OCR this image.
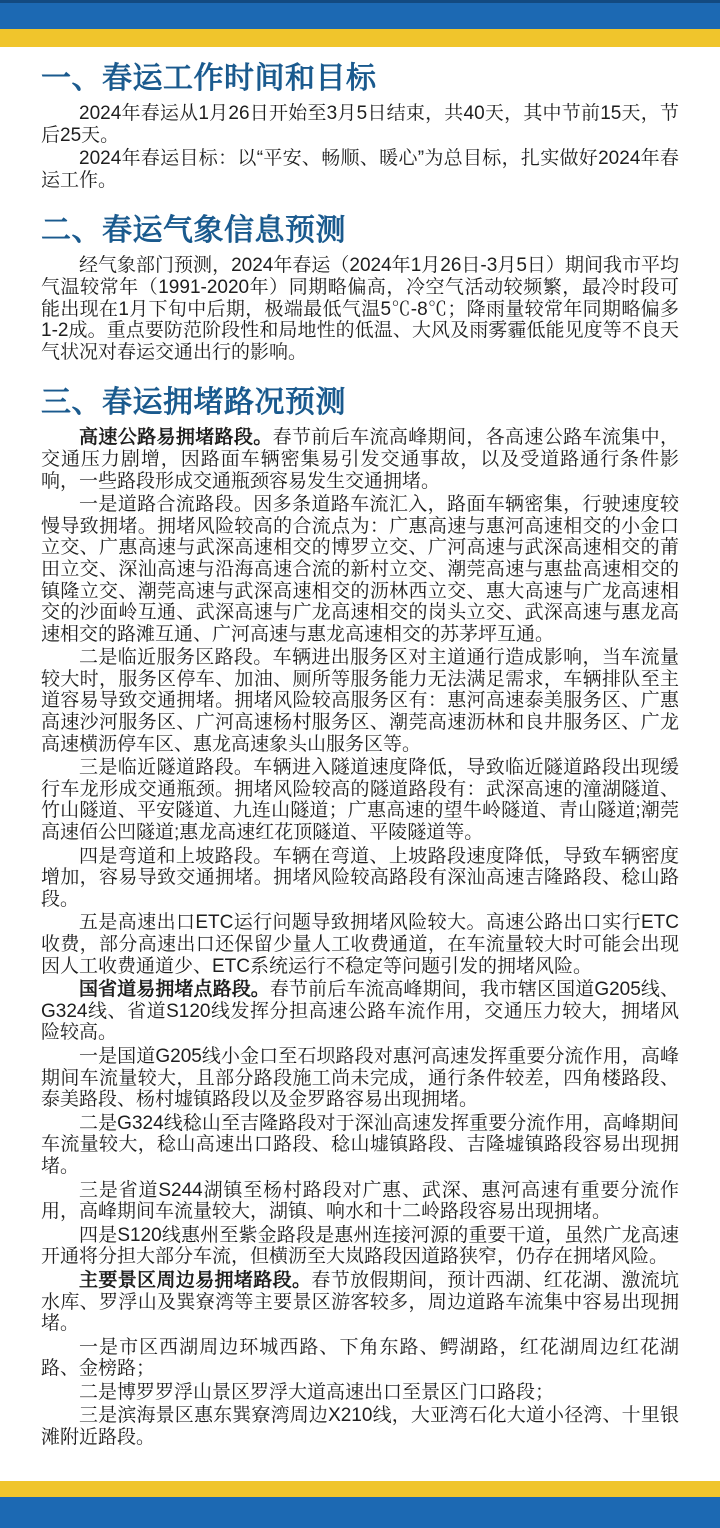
一、春运工作时间和目标

2024年春运从1月26日开始至3月5日结束，共40天，其中节前15天，节后25天。

2024年春运目标：以“平安、畅顺、暖心”为总目标，扎实做好2024年春运工作。

二、春运气象信息预测

经气象部门预测，2024年春运（2024年1月26日-3月5日）期间我市平均气温较常年（1991-2020年）同期略偏高，冷空气活动较频繁，最冷时段可能出现在1月下旬中后期，极端最低气温5℃-8℃；降雨量较常年同期略偏多1-2成。重点要防范阶段性和局地性的低温、大风及雨雾霾低能见度等不良天气状况对春运交通出行的影响。

三、春运拥堵路况预测

高速公路易拥堵路段。春节前后车流高峰期间，各高速公路车流集中，交通压力剧增，因路面车辆密集易引发交通事故，以及受道路通行条件影响，一些路段形成交通瓶颈容易发生交通拥堵。

一是道路合流路段。因多条道路车流汇入，路面车辆密集，行驶速度较慢导致拥堵。拥堵风险较高的合流点为：广惠高速与惠河高速相交的小金口立交、广惠高速与武深高速相交的博罗立交、广河高速与武深高速相交的莆田立交、深汕高速与沿海高速合流的新村立交、潮莞高速与惠盐高速相交的镇隆立交、潮莞高速与武深高速相交的沥林西立交、惠大高速与广龙高速相交的沙面岭互通、武深高速与广龙高速相交的岗头立交、武深高速与惠龙高速相交的路滩互通、广河高速与惠龙高速相交的苏茅坪互通。

二是临近服务区路段。车辆进出服务区对主道通行造成影响，当车流量较大时，服务区停车、加油、厕所等服务能力无法满足需求，车辆排队至主道容易导致交通拥堵。拥堵风险较高服务区有：惠河高速泰美服务区、广惠高速沙河服务区、广河高速杨村服务区、潮莞高速沥林和良井服务区、广龙高速横沥停车区、惠龙高速象头山服务区等。

三是临近隧道路段。车辆进入隧道速度降低，导致临近隧道路段出现缓行车龙形成交通瓶颈。拥堵风险较高的隧道路段有：武深高速的潼湖隧道、竹山隧道、平安隧道、九连山隧道；广惠高速的望牛岭隧道、青山隧道;潮莞高速佰公凹隧道;惠龙高速红花顶隧道、平陵隧道等。

四是弯道和上坡路段。车辆在弯道、上坡路段速度降低，导致车辆密度增加，容易导致交通拥堵。拥堵风险较高路段有深汕高速吉隆路段、稔山路段。

五是高速出口ETC运行问题导致拥堵风险较大。高速公路出口实行ETC收费，部分高速出口还保留少量人工收费通道，在车流量较大时可能会出现因人工收费通道少、ETC系统运行不稳定等问题引发的拥堵风险。

国省道易拥堵点路段。春节前后车流高峰期间，我市辖区国道G205线、G324线、省道S120线发挥分担高速公路车流作用，交通压力较大，拥堵风险较高。

一是国道G205线小金口至石坝路段对惠河高速发挥重要分流作用，高峰期间车流量较大，且部分路段施工尚未完成，通行条件较差，四角楼路段、泰美路段、杨村墟镇路段以及金罗路容易出现拥堵。

二是G324线稔山至吉隆路段对于深汕高速发挥重要分流作用，高峰期间车流量较大，稔山高速出口路段、稔山墟镇路段、吉隆墟镇路段容易出现拥堵。

三是省道S244湖镇至杨村路段对广惠、武深、惠河高速有重要分流作用，高峰期间车流量较大，湖镇、响水和十二岭路段容易出现拥堵。

四是S120线惠州至紫金路段是惠州连接河源的重要干道，虽然广龙高速开通将分担大部分车流，但横沥至大岚路段因道路狭窄，仍存在拥堵风险。

主要景区周边易拥堵路段。春节放假期间，预计西湖、红花湖、激流坑水库、罗浮山及巽寮湾等主要景区游客较多，周边道路车流集中容易出现拥堵。

一是市区西湖周边环城西路、下角东路、鳄湖路，红花湖周边红花湖路、金榜路；

二是博罗罗浮山景区罗浮大道高速出口至景区门口路段；

三是滨海景区惠东巽寮湾周边X210线，大亚湾石化大道小径湾、十里银滩附近路段。
